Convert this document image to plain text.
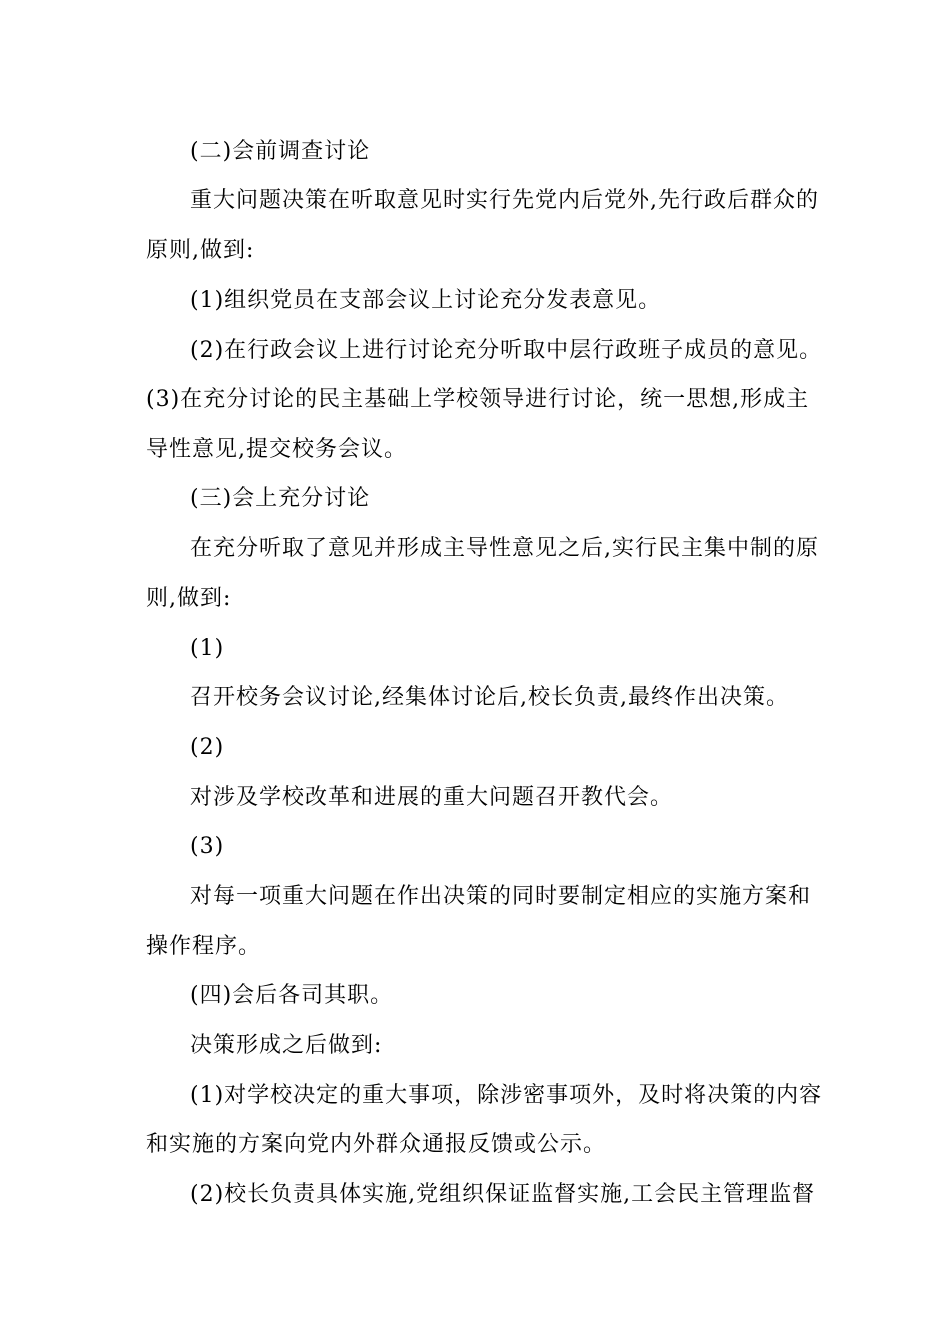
(二)会前调查讨论
重大问题决策在听取意见时实行先党内后党外,先行政后群众的
原则,做到:
(1)组织党员在支部会议上讨论充分发表意见。
(2)在行政会议上进行讨论充分听取中层行政班子成员的意见。
(3)在充分讨论的民主基础上学校领导进行讨论，统一思想,形成主
导性意见,提交校务会议。
(三)会上充分讨论
在充分听取了意见并形成主导性意见之后,实行民主集中制的原
则,做到:
(1)
召开校务会议讨论,经集体讨论后,校长负责,最终作出决策。
(2)
对涉及学校改革和进展的重大问题召开教代会。
(3)
对每一项重大问题在作出决策的同时要制定相应的实施方案和
操作程序。
(四)会后各司其职。
决策形成之后做到:
(1)对学校决定的重大事项，除涉密事项外，及时将决策的内容
和实施的方案向党内外群众通报反馈或公示。
(2)校长负责具体实施,党组织保证监督实施,工会民主管理监督
